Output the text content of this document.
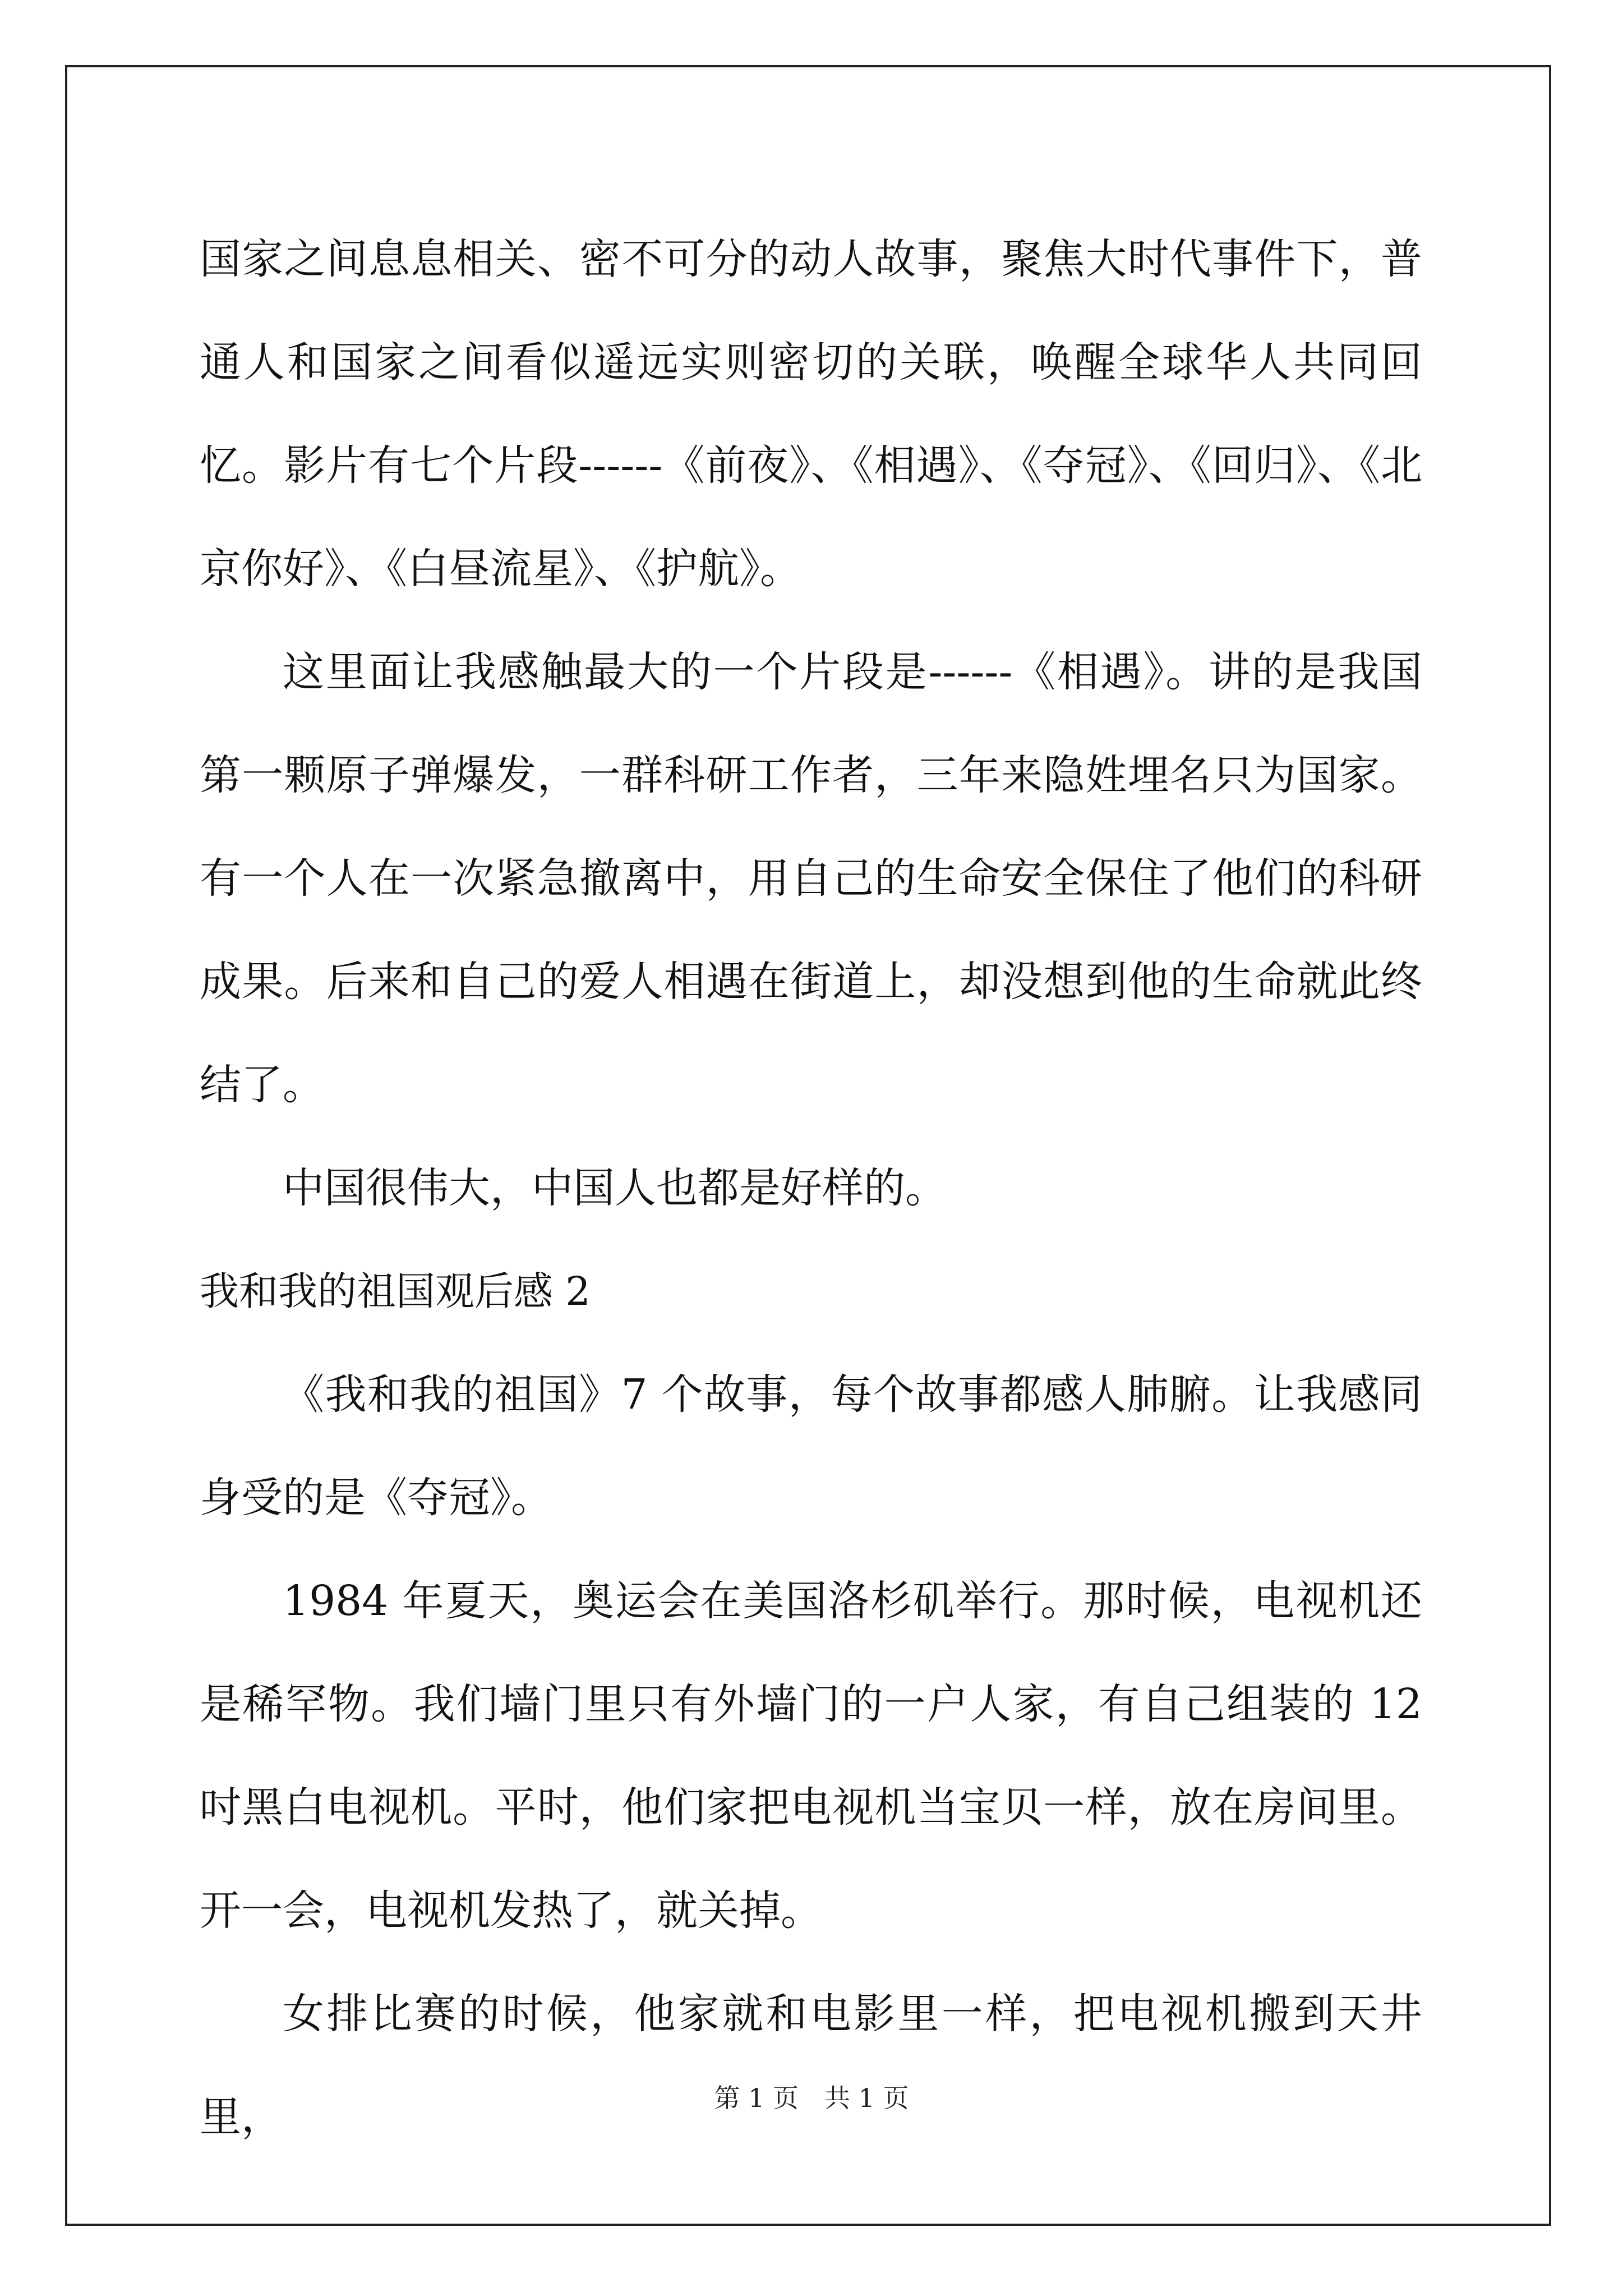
国家之间息息相关、密不可分的动人故事，聚焦大时代事件下，普通人和国家之间看似遥远实则密切的关联，唤醒全球华人共同回忆。影片有七个片段------《前夜》、《相遇》、《夺冠》、《回归》、《北京你好》、《白昼流星》、《护航》。

这里面让我感触最大的一个片段是------《相遇》。讲的是我国第一颗原子弹爆发，一群科研工作者，三年来隐姓埋名只为国家。有一个人在一次紧急撤离中，用自己的生命安全保住了他们的科研成果。后来和自己的爱人相遇在街道上，却没想到他的生命就此终结了。

中国很伟大，中国人也都是好样的。

我和我的祖国观后感 2

《我和我的祖国》7 个故事，每个故事都感人肺腑。让我感同身受的是《夺冠》。

1984 年夏天，奥运会在美国洛杉矶举行。那时候，电视机还是稀罕物。我们墙门里只有外墙门的一户人家，有自己组装的 12 吋黑白电视机。平时，他们家把电视机当宝贝一样，放在房间里。开一会，电视机发热了，就关掉。

女排比赛的时候，他家就和电影里一样，把电视机搬到天井里，	第 1 页　共 1 页
